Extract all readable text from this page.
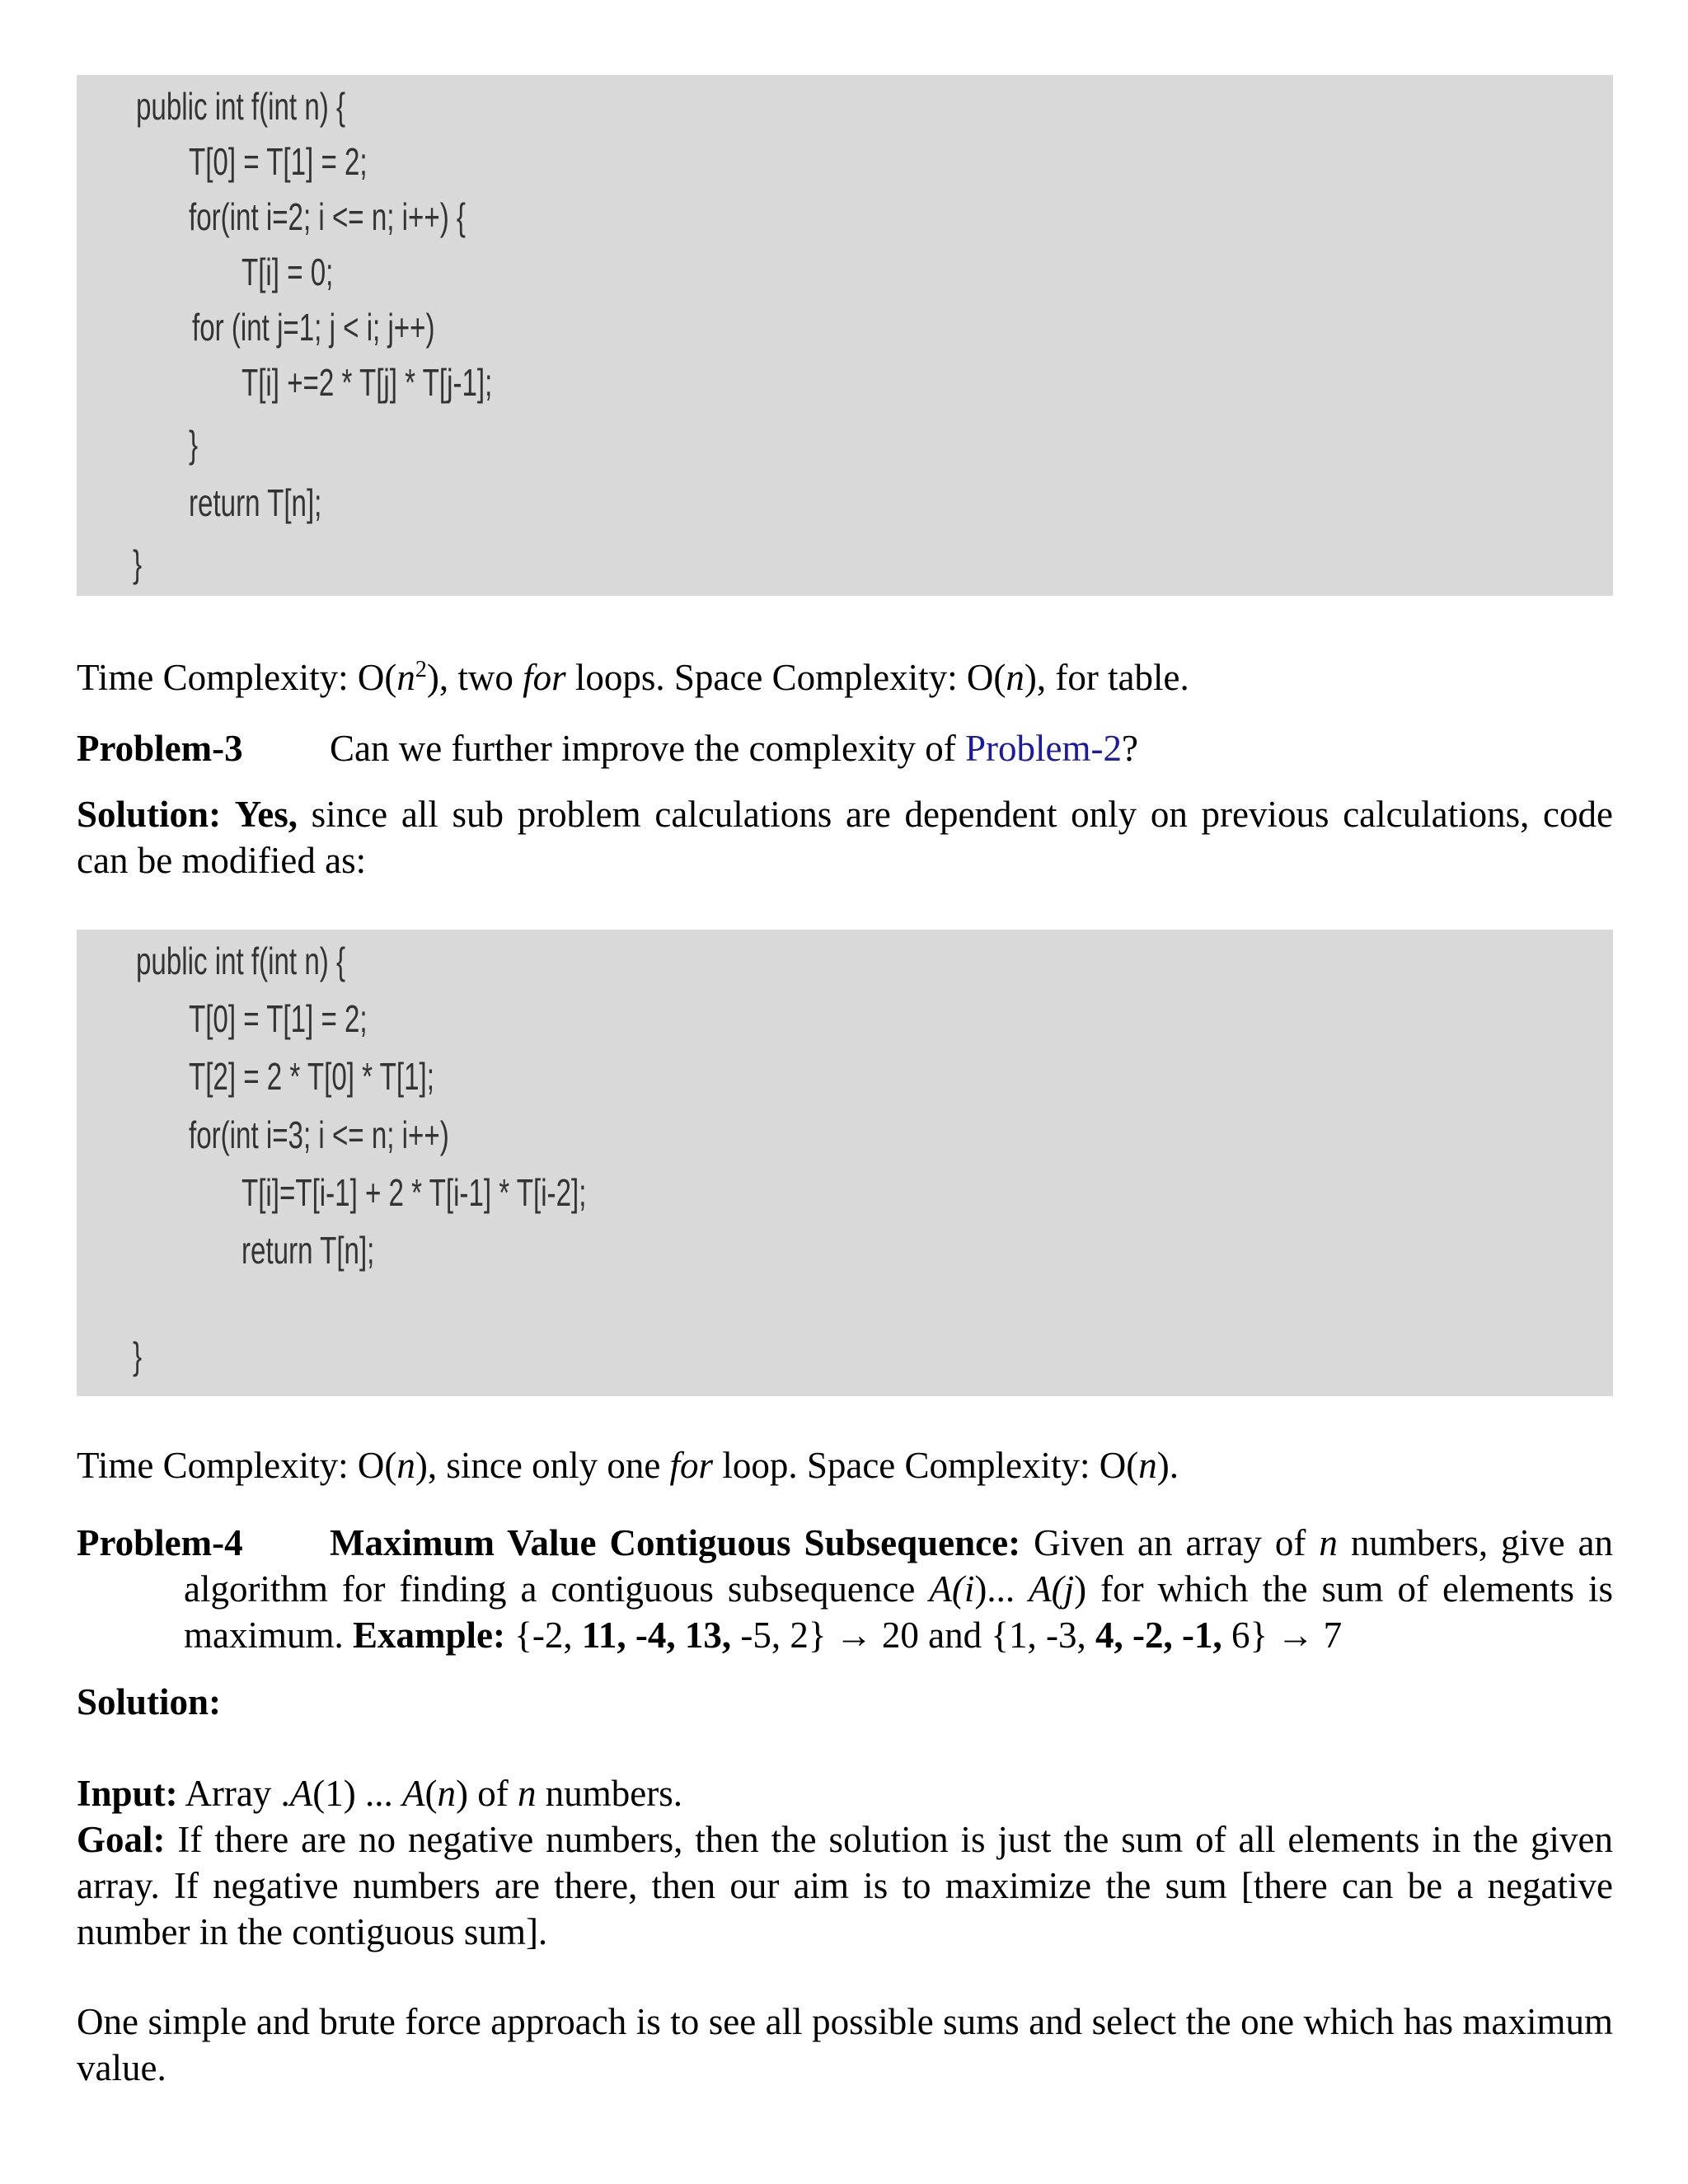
public int f(int n) {
T[0] = T[1] = 2;
for(int i=2; i <= n; i++) {
T[i] = 0;
for (int j=1; j < i; j++)
T[i] +=2 * T[j] * T[j-1];
}
return T[n];
}
Time Complexity: $O(n^2)$, two for loops. Space Complexity: O(n), for table.
Problem-3 Can we further improve the complexity of Problem-2?
Solution: Yes, since all sub problem calculations are dependent only on previous calculations, code can be modified as:
public int f(int n) {
T[0] = T[1] = 2;
T[2] = 2 * T[0] * T[1];
for(int i=3; i <= n; i++)
T[i]=T[i-1] + 2 * T[i-1] * T[i-2];
return T[n];
}
Time Complexity: O(n), since only one for loop. Space Complexity: O(n).
Problem-4 Maximum Value Contiguous Subsequence: Given an array of n numbers, give an algorithm for finding a contiguous subsequence A(i)... A(j) for which the sum of elements is maximum. Example: {-2, 11, -4, 13, -5, 2} → 20 and {1, -3, 4, -2, -1, 6} → 7
Solution:
Input: Array .A(1) ... A(n) of n numbers.
Goal: If there are no negative numbers, then the solution is just the sum of all elements in the given array. If negative numbers are there, then our aim is to maximize the sum [there can be a negative number in the contiguous sum].
One simple and brute force approach is to see all possible sums and select the one which has maximum value.
